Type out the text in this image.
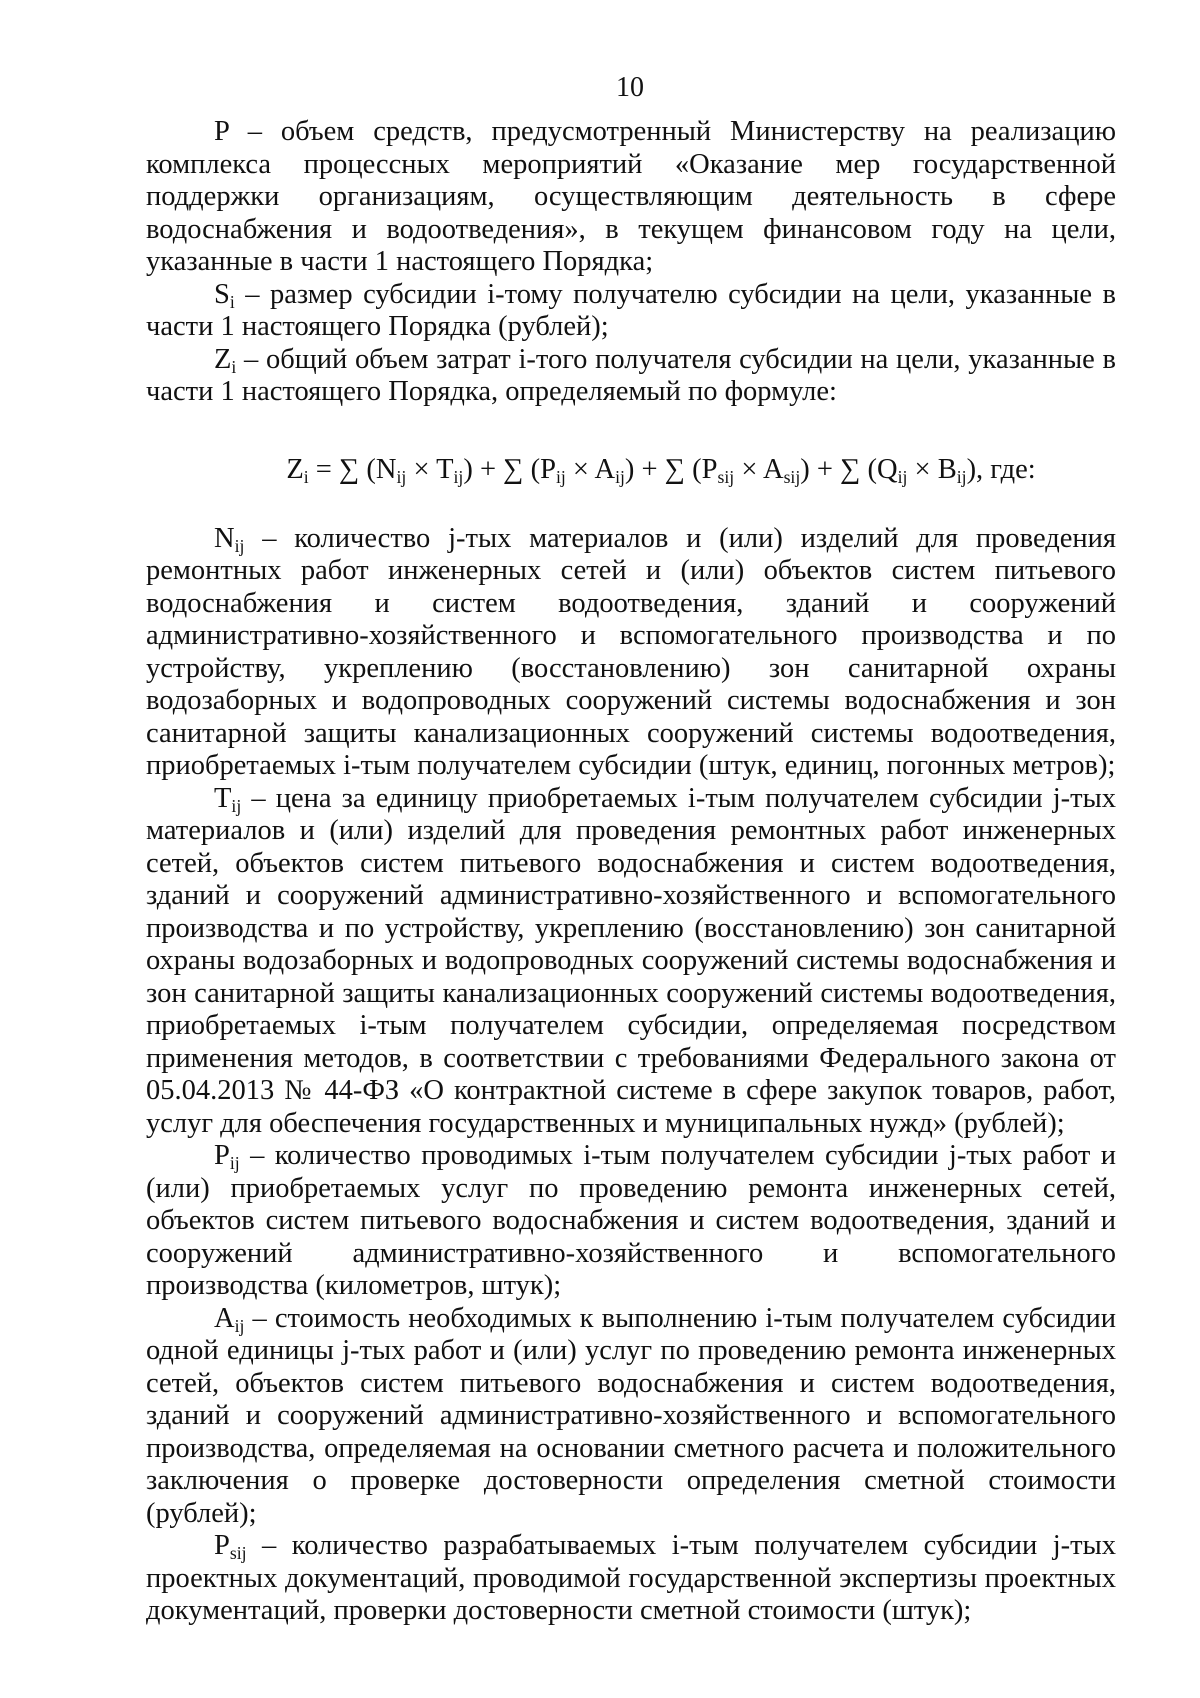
10

P – объем средств, предусмотренный Министерству на реализацию комплекса процессных мероприятий «Оказание мер государственной поддержки организациям, осуществляющим деятельность в сфере водоснабжения и водоотведения», в текущем финансовом году на цели, указанные в части 1 настоящего Порядка;

$S_i$ – размер субсидии i-тому получателю субсидии на цели, указанные в части 1 настоящего Порядка (рублей);

$Z_i$ – общий объем затрат i-того получателя субсидии на цели, указанные в части 1 настоящего Порядка, определяемый по формуле:

$Z_i$ = ∑ $(N_{ij} \times T_{ij})$ + ∑ $(P_{ij} \times A_{ij})$ + ∑ $(P_{sij} \times A_{sij})$ + ∑ $(Q_{ij} \times B_{ij})$, где:

$N_{ij}$ – количество j-тых материалов и (или) изделий для проведения ремонтных работ инженерных сетей и (или) объектов систем питьевого водоснабжения и систем водоотведения, зданий и сооружений административно-хозяйственного и вспомогательного производства и по устройству, укреплению (восстановлению) зон санитарной охраны водозаборных и водопроводных сооружений системы водоснабжения и зон санитарной защиты канализационных сооружений системы водоотведения, приобретаемых i-тым получателем субсидии (штук, единиц, погонных метров);

$T_{ij}$ – цена за единицу приобретаемых i-тым получателем субсидии j-тых материалов и (или) изделий для проведения ремонтных работ инженерных сетей, объектов систем питьевого водоснабжения и систем водоотведения, зданий и сооружений административно-хозяйственного и вспомогательного производства и по устройству, укреплению (восстановлению) зон санитарной охраны водозаборных и водопроводных сооружений системы водоснабжения и зон санитарной защиты канализационных сооружений системы водоотведения, приобретаемых i-тым получателем субсидии, определяемая посредством применения методов, в соответствии с требованиями Федерального закона от 05.04.2013 № 44-ФЗ «О контрактной системе в сфере закупок товаров, работ, услуг для обеспечения государственных и муниципальных нужд» (рублей);

$P_{ij}$ – количество проводимых i-тым получателем субсидии j-тых работ и (или) приобретаемых услуг по проведению ремонта инженерных сетей, объектов систем питьевого водоснабжения и систем водоотведения, зданий и сооружений административно-хозяйственного и вспомогательного производства (километров, штук);

$A_{ij}$ – стоимость необходимых к выполнению i-тым получателем субсидии одной единицы j-тых работ и (или) услуг по проведению ремонта инженерных сетей, объектов систем питьевого водоснабжения и систем водоотведения, зданий и сооружений административно-хозяйственного и вспомогательного производства, определяемая на основании сметного расчета и положительного заключения о проверке достоверности определения сметной стоимости (рублей);

$P_{sij}$ – количество разрабатываемых i-тым получателем субсидии j-тых проектных документаций, проводимой государственной экспертизы проектных документаций, проверки достоверности сметной стоимости (штук);
